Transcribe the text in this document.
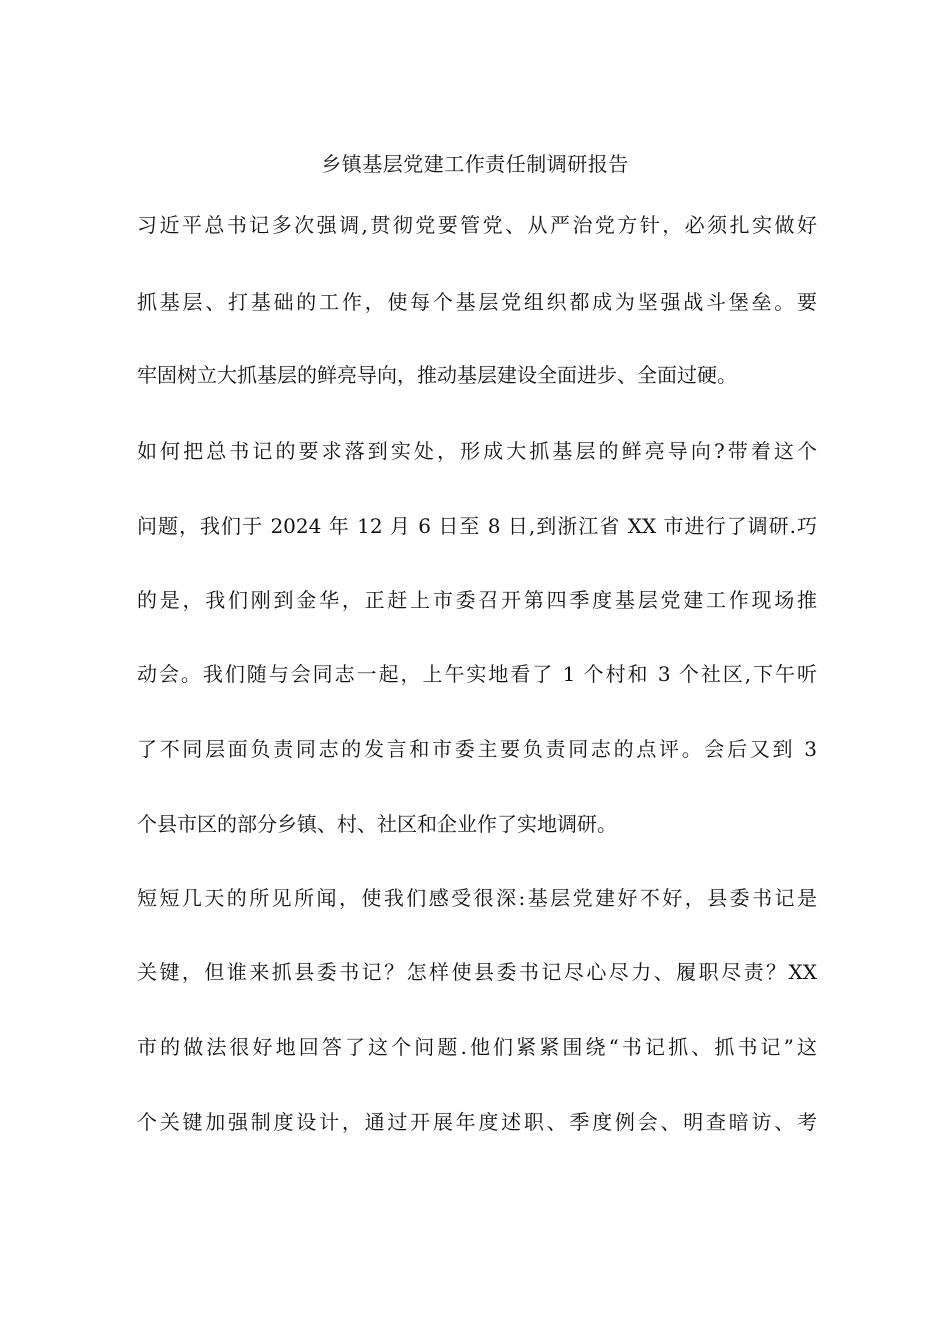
乡镇基层党建工作责任制调研报告
习近平总书记多次强调,贯彻党要管党、从严治党方针，必须扎实做好
抓基层、打基础的工作，使每个基层党组织都成为坚强战斗堡垒。要
牢固树立大抓基层的鲜亮导向，推动基层建设全面进步、全面过硬。
如何把总书记的要求落到实处，形成大抓基层的鲜亮导向?带着这个
问题，我们于 2024 年 12 月 6 日至 8 日,到浙江省 XX 市进行了调研.巧
的是，我们刚到金华，正赶上市委召开第四季度基层党建工作现场推
动会。我们随与会同志一起，上午实地看了 1 个村和 3 个社区,下午听
了不同层面负责同志的发言和市委主要负责同志的点评。会后又到 3
个县市区的部分乡镇、村、社区和企业作了实地调研。
短短几天的所见所闻，使我们感受很深:基层党建好不好，县委书记是
关键，但谁来抓县委书记？怎样使县委书记尽心尽力、履职尽责？XX
市的做法很好地回答了这个问题.他们紧紧围绕“书记抓、抓书记”这
个关键加强制度设计，通过开展年度述职、季度例会、明查暗访、考
